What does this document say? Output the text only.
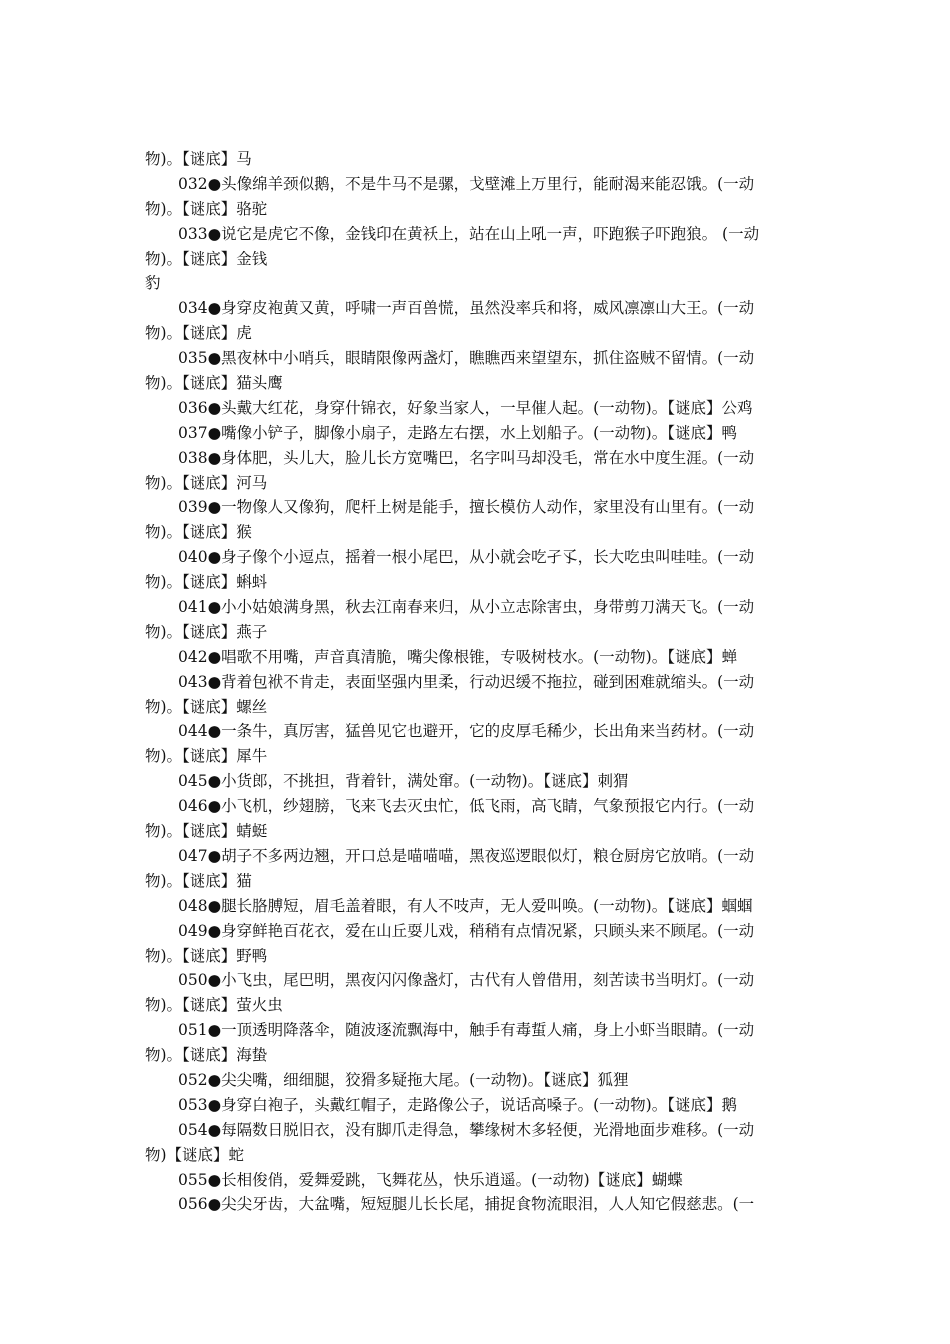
物)。【谜底】马
032●头像绵羊颈似鹅，不是牛马不是骡，戈壁滩上万里行，能耐渴来能忍饿。(一动
物)。【谜底】骆驼
033●说它是虎它不像，金钱印在黄袄上，站在山上吼一声，吓跑猴子吓跑狼。 (一动
物)。【谜底】金钱
豹
034●身穿皮袍黄又黄，呼啸一声百兽慌，虽然没率兵和将，威风凛凛山大王。(一动
物)。【谜底】虎
035●黑夜林中小哨兵，眼睛限像两盏灯，瞧瞧西来望望东，抓住盗贼不留情。(一动
物)。【谜底】猫头鹰
036●头戴大红花，身穿什锦衣，好象当家人，一早催人起。(一动物)。【谜底】公鸡
037●嘴像小铲子，脚像小扇子，走路左右摆，水上划船子。(一动物)。【谜底】鸭
038●身体肥，头儿大，脸儿长方宽嘴巴，名字叫马却没毛，常在水中度生涯。(一动
物)。【谜底】河马
039●一物像人又像狗，爬杆上树是能手，擅长模仿人动作，家里没有山里有。(一动
物)。【谜底】猴
040●身子像个小逗点，摇着一根小尾巴，从小就会吃孑孓，长大吃虫叫哇哇。(一动
物)。【谜底】蝌蚪
041●小小姑娘满身黑，秋去江南春来归，从小立志除害虫，身带剪刀满天飞。(一动
物)。【谜底】燕子
042●唱歌不用嘴，声音真清脆，嘴尖像根锥，专吸树枝水。(一动物)。【谜底】蝉
043●背着包袱不肯走，表面坚强内里柔，行动迟缓不拖拉，碰到困难就缩头。(一动
物)。【谜底】螺丝
044●一条牛，真厉害，猛兽见它也避开，它的皮厚毛稀少，长出角来当药材。(一动
物)。【谜底】犀牛
045●小货郎，不挑担，背着针，满处窜。(一动物)。【谜底】刺猬
046●小飞机，纱翅膀，飞来飞去灭虫忙，低飞雨，高飞睛，气象预报它内行。(一动
物)。【谜底】蜻蜓
047●胡子不多两边翘，开口总是喵喵喵，黑夜巡逻眼似灯，粮仓厨房它放哨。(一动
物)。【谜底】猫
048●腿长胳膊短，眉毛盖着眼，有人不吱声，无人爱叫唤。(一动物)。【谜底】蝈蝈
049●身穿鲜艳百花衣，爱在山丘耍儿戏，稍稍有点情况紧，只顾头来不顾尾。(一动
物)。【谜底】野鸭
050●小飞虫，尾巴明，黑夜闪闪像盏灯，古代有人曾借用，刻苦读书当明灯。(一动
物)。【谜底】萤火虫
051●一顶透明降落伞，随波逐流飘海中，触手有毒蜇人痛，身上小虾当眼睛。(一动
物)。【谜底】海蛰
052●尖尖嘴，细细腿，狡猾多疑拖大尾。(一动物)。【谜底】狐狸
053●身穿白袍子，头戴红帽子，走路像公子，说话高嗓子。(一动物)。【谜底】鹅
054●每隔数日脱旧衣，没有脚爪走得急，攀缘树木多轻便，光滑地面步难移。(一动
物)【谜底】蛇
055●长相俊俏，爱舞爱跳，飞舞花丛，快乐逍遥。(一动物)【谜底】蝴蝶
056●尖尖牙齿，大盆嘴，短短腿儿长长尾，捕捉食物流眼泪，人人知它假慈悲。(一
